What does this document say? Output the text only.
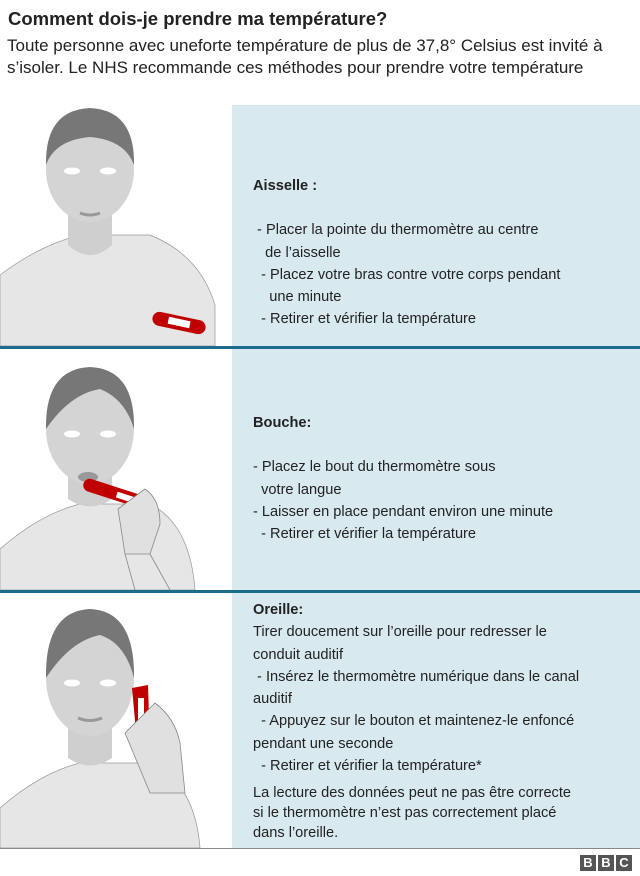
Comment dois-je prendre ma température?
Toute personne avec uneforte température de plus de 37,8° Celsius est invité à s’isoler. Le NHS recommande ces méthodes pour prendre votre température
Aisselle :
- Placer la pointe du thermomètre au centre
de l’aisselle
- Placez votre bras contre votre corps pendant
une minute
- Retirer et vérifier la température
Bouche:
- Placez le bout du thermomètre sous
votre langue
- Laisser en place pendant environ une minute
- Retirer et vérifier la température
Oreille:
Tirer doucement sur l’oreille pour redresser le
conduit auditif
- Insérez le thermomètre numérique dans le canal
auditif
- Appuyez sur le bouton et maintenez-le enfoncé
pendant une seconde
- Retirer et vérifier la température*
La lecture des données peut ne pas être correcte
si le thermomètre n’est pas correctement placé
dans l’oreille.
B B C
